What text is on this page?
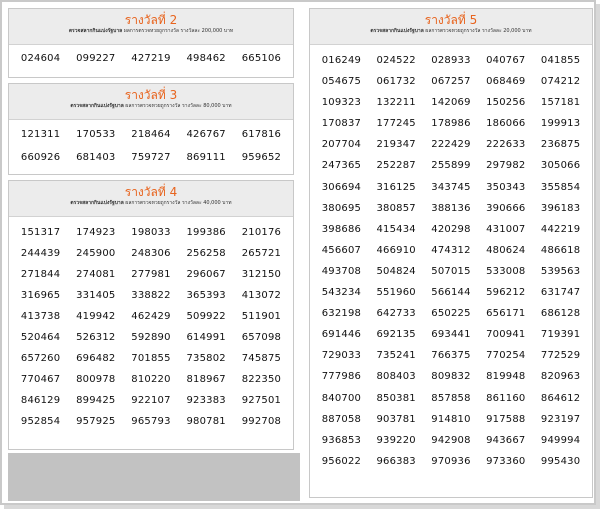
รางวัลที่ 2
ตรวจสลากกินแบ่งรัฐบาล ผลการตรวจหวยถูกรางวัล รางวัลละ 200,000 บาท
024604	099227	427219	498462	665106
รางวัลที่ 3
ตรวจสลากกินแบ่งรัฐบาล ผลการตรวจหวยถูกรางวัล รางวัลละ 80,000 บาท
121311	170533	218464	426767	617816
660926	681403	759727	869111	959652
รางวัลที่ 4
ตรวจสลากกินแบ่งรัฐบาล ผลการตรวจหวยถูกรางวัล รางวัลละ 40,000 บาท
151317	174923	198033	199386	210176
244439	245900	248306	256258	265721
271844	274081	277981	296067	312150
316965	331405	338822	365393	413072
413738	419942	462429	509922	511901
520464	526312	592890	614991	657098
657260	696482	701855	735802	745875
770467	800978	810220	818967	822350
846129	899425	922107	923383	927501
952854	957925	965793	980781	992708
รางวัลที่ 5
ตรวจสลากกินแบ่งรัฐบาล ผลการตรวจหวยถูกรางวัล รางวัลละ 20,000 บาท
016249	024522	028933	040767	041855
054675	061732	067257	068469	074212
109323	132211	142069	150256	157181
170837	177245	178986	186066	199913
207704	219347	222429	222633	236875
247365	252287	255899	297982	305066
306694	316125	343745	350343	355854
380695	380857	388136	390666	396183
398686	415434	420298	431007	442219
456607	466910	474312	480624	486618
493708	504824	507015	533008	539563
543234	551960	566144	596212	631747
632198	642733	650225	656171	686128
691446	692135	693441	700941	719391
729033	735241	766375	770254	772529
777986	808403	809832	819948	820963
840700	850381	857858	861160	864612
887058	903781	914810	917588	923197
936853	939220	942908	943667	949994
956022	966383	970936	973360	995430
